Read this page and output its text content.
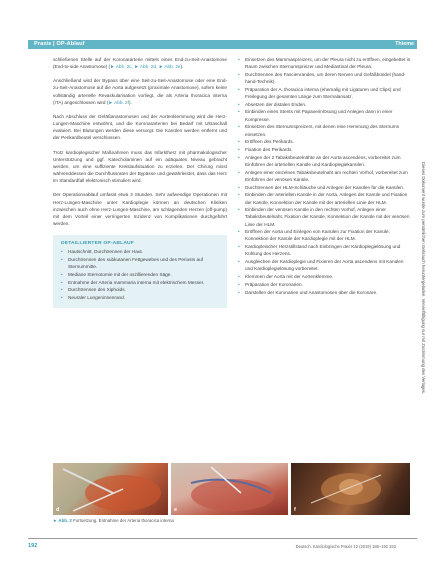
Praxis | OP-Ablauf	Thieme

schließenen Stelle auf der Koronararterie mittels eines End-zu-Seit-Anastomose (End-to-side Anastomose) (► Abb. 2c, ► Abb. 2d, ► Abb. 2e).

Anschließend wird der Bypass über eine Seit-zu-Seit-Anastomose oder eine End-zu-Seit-Anastomose auf die Aorta aufgesetzt (proximale Anastomose), sofern keine vollständig arterielle Revaskularisation vorliegt, die als Arteria thoracica interna (ITA) angeschlossen wird (► Abb. 2f).

Nach Abschluss der Gefäßanastomosen und der Aortenklemmung wird die Herz-Lungen-Maschine entwöhnt, und die Koronararterien bei Bedarf mit Ultraschall evaluiert. Bei Blutungen werden diese versorgt. Die Kanülen werden entfernt und der Perikardbeutel verschlossen.

Trotz kardioplegischer Maßnahmen muss das Infarktherz mit pharmakologischer Unterstützung und ggf. Katecholaminen auf ein adäquates Niveau gebracht werden, um eine suffiziente Kreislaufsituation zu erzielen. Der Chirurg misst währenddessen die Durchflussraten der Bypässe und gewährleistet, dass das Herz im Standardfall elektronisch stimuliert wird.

Der Operationsablauf umfasst etwa 3 Stunden. Sehr aufwendige Operationen mit Herz-Lungen-Maschine unter Kardioplegie können an deutschen Kliniken inzwischen auch ohne Herz-Lungen-Maschine, am schlagenden Herzen (off-pump) mit dem Vorteil einer verringerten Inzidenz von Komplikationen durchgeführt werden.

DETAILLIERTER OP-ABLAUF
• Hautschnitt, Durchtrennen der Haut.
• Durchtrennen des subkutanen Fettgewebes und des Periosts auf Sternummitte.
• Mediane Sternotomie mit der oszillierenden Säge.
• Entnahme der Arteria mammaria interna mit elektrischem Messer.
• Durchtrennen des Xiphoids.
• Neuraler Lungeninnenrand.
• Einsetzen des Mammaspreizers, um der Pleura nicht zu eröffnen, eingebettet in Raum zwischen Sternumspreizer und Mediastinal der Pleura.
• Durchtrennen des Fascienrandes, um deren Nerven und Gefäßbündel (hand-hand-Technik).
• Präparation der A. thoracica interna (ehemalig mit Ligaturen und Clips) und Freilegung der gesamten Länge zum Sternalansatz.
• Absetzen der distalen Enden.
• Einbinden eines Stents mit Papaverinlösung und Anlegen dann in einer Kompresse.
• Einsetzen des Sternumspreizers, mit denen eine Hemmung des Sternums einsetzen.
• Eröffnen des Perikards.
• Fixation des Perikards.
• Anlegen der 2 Tabaksbeutelnähte an der Aorta ascendens, vorbereitet zum Einführen der arteriellen Kanüle und Kardioplegiekanülen.
• Anlegen einer einzelnen Tabaksbeutelnaht am rechten Vorhof, vorbereitet zum Einführen der venösen Kanüle.
• Durchtrennen der HLM-Schläuche und Anlegen der Kanülen für die Kanülen.
• Einbinden der arteriellen Kanüle in der Aorta, Anlegen der Kanüle und Fixation der Kanüle, Konnektion der Kanüle mit der arteriellen Linie der HLM.
• Einbinden der venösen Kanüle in den rechten Vorhof, Anlegen einer Tabaksbeutelnaht, Fixation der Kanüle, Konnektion der Kanüle mit der venösen Linie der HLM.
• Eröffnen der Aorta und Einlegen von Kanülen zur Fixation der Kanüle, Konnektion der Kanüle der Kardioplegie mit der HLM.
• Kardiopleischer Herzstillstand nach Einbringen der Kardioplegielösung und Kühlung des Herzens.
• Ausgleichen der Kardioplegie und Fixieren der Aorta ascendens mit Kanülen und Kardioplegielösung vorbereitet.
• Klemmen der Aorta mit der Aortenklemme.
• Präparation der Koronarien.
• Darstellen der Koronarien und Anastomosen über die Koronare.	Dieses Dokument wurde zum persönlichen Gebrauch heruntergeladen. Vervielfältigung nur mit Zustimmung des Verlages.
d	e	f
► Abb. 2 Fortsetzung. Entnahme der Arteria thoracica interna
192	Deutsch. Kardiologische Praxis 12 (2019) 186–192 192
